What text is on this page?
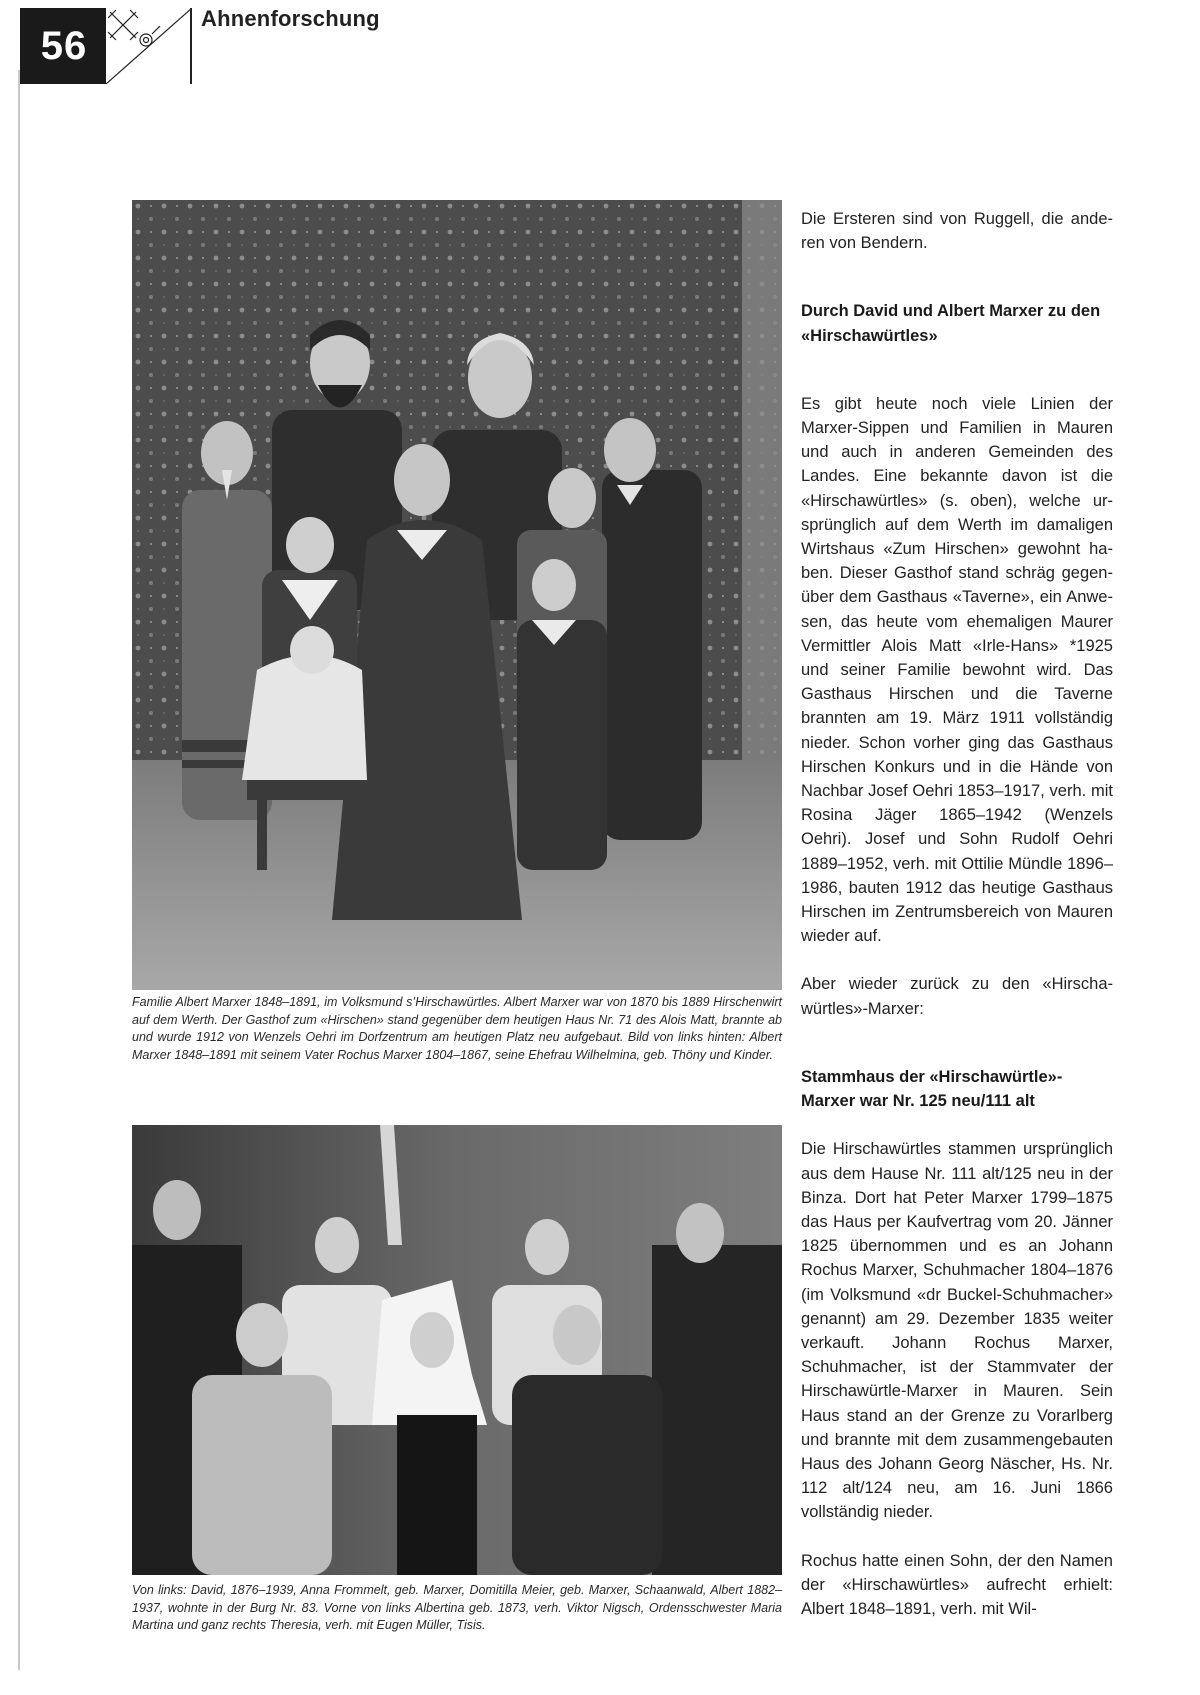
56
Ahnenforschung

Familie Albert Marxer 1848–1891, im Volksmund s’Hirschawürtles. Albert Marxer war von 1870 bis 1889 Hirschenwirt auf dem Werth. Der Gasthof zum «Hirschen» stand gegenüber dem heutigen Haus Nr. 71 des Alois Matt, brannte ab und wurde 1912 von Wenzels Oehri im Dorfzentrum am heutigen Platz neu aufgebaut. Bild von links hinten: Albert Marxer 1848–1891 mit seinem Vater Rochus Marxer 1804–1867, seine Ehefrau Wilhelmina, geb. Thöny und Kinder.

Von links: David, 1876–1939, Anna Frommelt, geb. Marxer, Domitilla Meier, geb. Marxer, Schaanwald, Albert 1882–1937, wohnte in der Burg Nr. 83. Vorne von links Albertina geb. 1873, verh. Viktor Nigsch, Ordensschwester Maria Martina und ganz rechts Theresia, verh. mit Eugen Müller, Tisis.

Die Ersteren sind von Ruggell, die anderen von Bendern.

Durch David und Albert Marxer zu den «Hirschawürtles»

Es gibt heute noch viele Linien der Marxer-Sippen und Familien in Mauren und auch in anderen Gemeinden des Landes. Eine bekannte davon ist die «Hirschawürtles» (s. oben), welche ursprünglich auf dem Werth im damaligen Wirtshaus «Zum Hirschen» gewohnt haben. Dieser Gasthof stand schräg gegenüber dem Gasthaus «Taverne», ein Anwesen, das heute vom ehemaligen Maurer Vermittler Alois Matt «Irle-Hans» *1925 und seiner Familie bewohnt wird. Das Gasthaus Hirschen und die Taverne brannten am 19. März 1911 vollständig nieder. Schon vorher ging das Gasthaus Hirschen Konkurs und in die Hände von Nachbar Josef Oehri 1853–1917, verh. mit Rosina Jäger 1865–1942 (Wenzels Oehri). Josef und Sohn Rudolf Oehri 1889–1952, verh. mit Ottilie Mündle 1896–1986, bauten 1912 das heutige Gasthaus Hirschen im Zentrumsbereich von Mauren wieder auf.

Aber wieder zurück zu den «Hirschawürtles»-Marxer:

Stammhaus der «Hirschawürtle»-Marxer war Nr. 125 neu/111 alt

Die Hirschawürtles stammen ursprünglich aus dem Hause Nr. 111 alt/125 neu in der Binza. Dort hat Peter Marxer 1799–1875 das Haus per Kaufvertrag vom 20. Jänner 1825 übernommen und es an Johann Rochus Marxer, Schuhmacher 1804–1876 (im Volksmund «dr Buckel-Schuhmacher» genannt) am 29. Dezember 1835 weiter verkauft. Johann Rochus Marxer, Schuhmacher, ist der Stammvater der Hirschawürtle-Marxer in Mauren. Sein Haus stand an der Grenze zu Vorarlberg und brannte mit dem zusammengebauten Haus des Johann Georg Näscher, Hs. Nr. 112 alt/124 neu, am 16. Juni 1866 vollständig nieder.

Rochus hatte einen Sohn, der den Namen der «Hirschawürtles» aufrecht erhielt: Albert 1848–1891, verh. mit Wil-
